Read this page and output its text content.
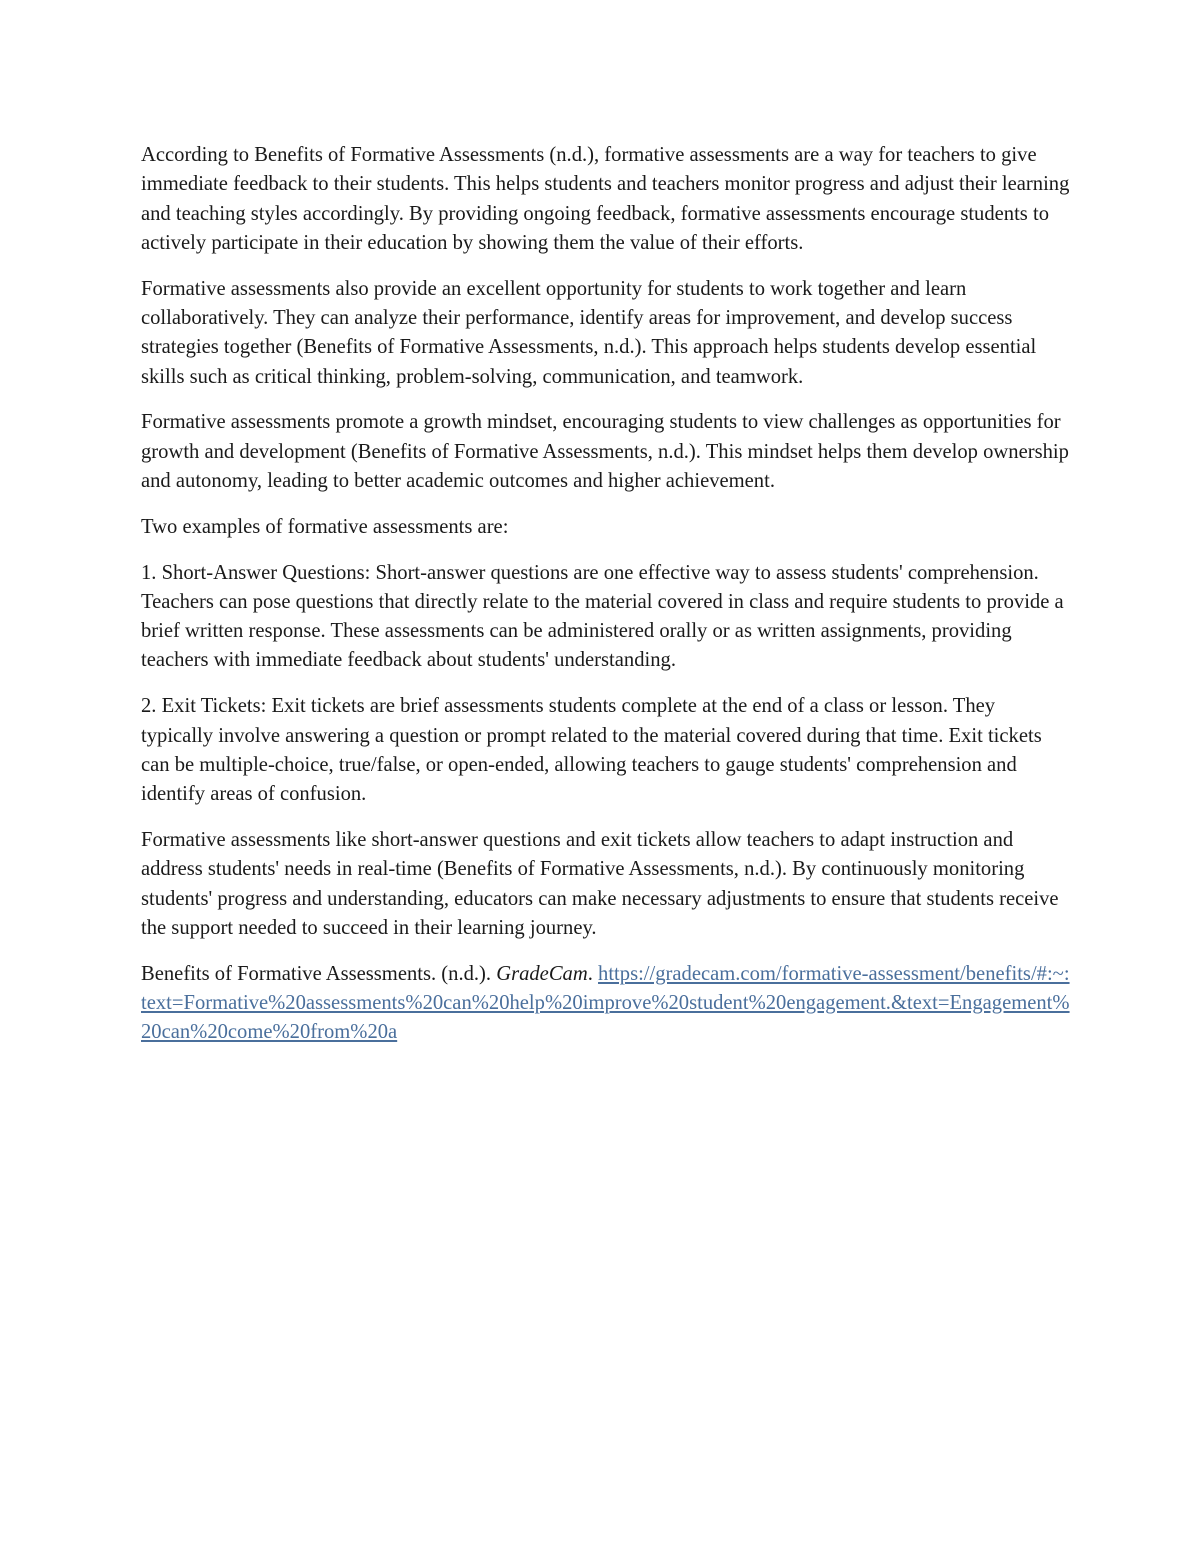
According to Benefits of Formative Assessments (n.d.), formative assessments are a way for teachers to give immediate feedback to their students. This helps students and teachers monitor progress and adjust their learning and teaching styles accordingly. By providing ongoing feedback, formative assessments encourage students to actively participate in their education by showing them the value of their efforts.

Formative assessments also provide an excellent opportunity for students to work together and learn collaboratively. They can analyze their performance, identify areas for improvement, and develop success strategies together (Benefits of Formative Assessments, n.d.). This approach helps students develop essential skills such as critical thinking, problem-solving, communication, and teamwork.

Formative assessments promote a growth mindset, encouraging students to view challenges as opportunities for growth and development (Benefits of Formative Assessments, n.d.). This mindset helps them develop ownership and autonomy, leading to better academic outcomes and higher achievement.

Two examples of formative assessments are:

1. Short-Answer Questions: Short-answer questions are one effective way to assess students' comprehension. Teachers can pose questions that directly relate to the material covered in class and require students to provide a brief written response. These assessments can be administered orally or as written assignments, providing teachers with immediate feedback about students' understanding.

2. Exit Tickets: Exit tickets are brief assessments students complete at the end of a class or lesson. They typically involve answering a question or prompt related to the material covered during that time. Exit tickets can be multiple-choice, true/false, or open-ended, allowing teachers to gauge students' comprehension and identify areas of confusion.

Formative assessments like short-answer questions and exit tickets allow teachers to adapt instruction and address students' needs in real-time (Benefits of Formative Assessments, n.d.). By continuously monitoring students' progress and understanding, educators can make necessary adjustments to ensure that students receive the support needed to succeed in their learning journey.

Benefits of Formative Assessments. (n.d.). GradeCam. https://gradecam.com/formative-assessment/benefits/#:~:text=Formative%20assessments%20can%20help%20improve%20student%20engagement.&text=Engagement%20can%20come%20from%20a
